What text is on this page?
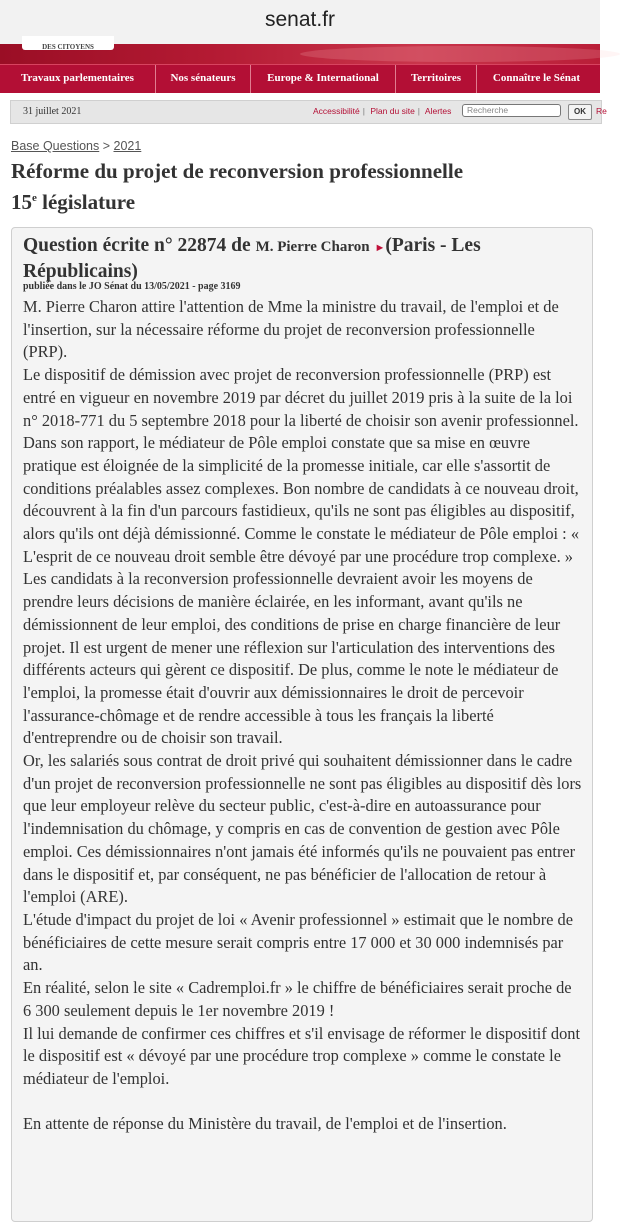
senat.fr
DES CITOYENS
Travaux parlementaires	Nos sénateurs	Europe & International	Territoires	Connaître le Sénat
31 juillet 2021	Accessibilité | Plan du site | Alertes	Recherche	OK	Re
Base Questions > 2021
Réforme du projet de reconversion professionnelle
15e législature
Question écrite n° 22874 de M. Pierre Charon ►(Paris - Les Républicains)
publiée dans le JO Sénat du 13/05/2021 - page 3169

M. Pierre Charon attire l'attention de Mme la ministre du travail, de l'emploi et de l'insertion, sur la nécessaire réforme du projet de reconversion professionnelle (PRP).

Le dispositif de démission avec projet de reconversion professionnelle (PRP) est entré en vigueur en novembre 2019 par décret du juillet 2019 pris à la suite de la loi n° 2018-771 du 5 septembre 2018 pour la liberté de choisir son avenir professionnel.

Dans son rapport, le médiateur de Pôle emploi constate que sa mise en œuvre pratique est éloignée de la simplicité de la promesse initiale, car elle s'assortit de conditions préalables assez complexes. Bon nombre de candidats à ce nouveau droit, découvrent à la fin d'un parcours fastidieux, qu'ils ne sont pas éligibles au dispositif, alors qu'ils ont déjà démissionné. Comme le constate le médiateur de Pôle emploi : « L'esprit de ce nouveau droit semble être dévoyé par une procédure trop complexe. »

Les candidats à la reconversion professionnelle devraient avoir les moyens de prendre leurs décisions de manière éclairée, en les informant, avant qu'ils ne démissionnent de leur emploi, des conditions de prise en charge financière de leur projet. Il est urgent de mener une réflexion sur l'articulation des interventions des différents acteurs qui gèrent ce dispositif. De plus, comme le note le médiateur de l'emploi, la promesse était d'ouvrir aux démissionnaires le droit de percevoir l'assurance-chômage et de rendre accessible à tous les français la liberté d'entreprendre ou de choisir son travail.

Or, les salariés sous contrat de droit privé qui souhaitent démissionner dans le cadre d'un projet de reconversion professionnelle ne sont pas éligibles au dispositif dès lors que leur employeur relève du secteur public, c'est-à-dire en autoassurance pour l'indemnisation du chômage, y compris en cas de convention de gestion avec Pôle emploi. Ces démissionnaires n'ont jamais été informés qu'ils ne pouvaient pas entrer dans le dispositif et, par conséquent, ne pas bénéficier de l'allocation de retour à l'emploi (ARE).

L'étude d'impact du projet de loi « Avenir professionnel » estimait que le nombre de bénéficiaires de cette mesure serait compris entre 17 000 et 30 000 indemnisés par an.

En réalité, selon le site « Cadremploi.fr » le chiffre de bénéficiaires serait proche de 6 300 seulement depuis le 1er novembre 2019 !

Il lui demande de confirmer ces chiffres et s'il envisage de réformer le dispositif dont le dispositif est « dévoyé par une procédure trop complexe » comme le constate le médiateur de l'emploi.

En attente de réponse du Ministère du travail, de l'emploi et de l'insertion.
